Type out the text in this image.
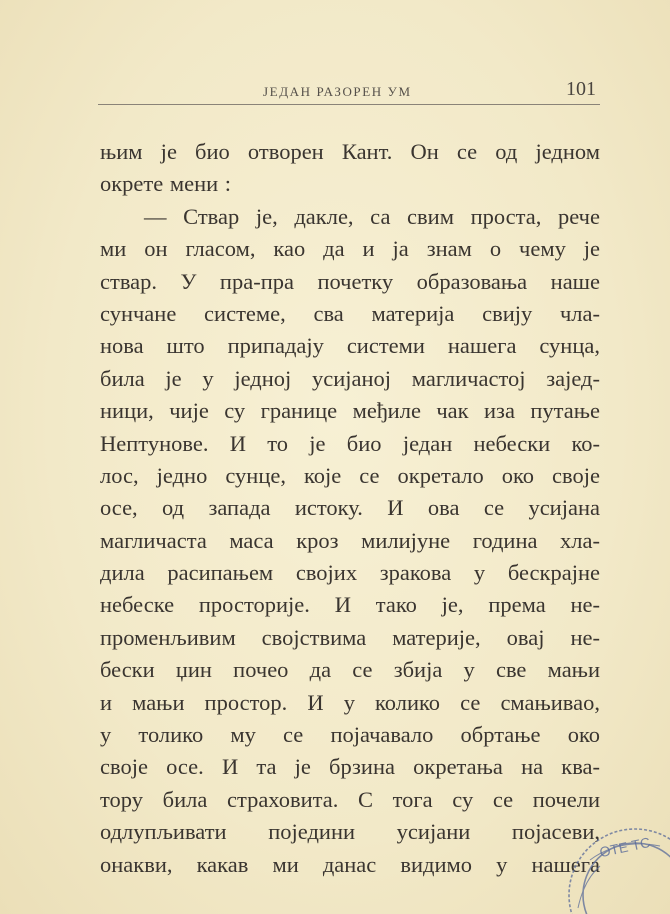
ЈЕДАН РАЗОРЕН УМ	101
њим је био отворен Кант. Он се од једном
окрете мени :
— Ствар је, дакле, са свим проста, рече
ми он гласом, као да и ја знам о чему је
ствар. У пра-пра почетку образовања наше
сунчане системе, сва материја свију чла-
нова што припадају системи нашега сунца,
била је у једној усијаној магличастој зајед-
ници, чије су границе међиле чак иза путање
Нептунове. И то је био један небески ко-
лос, једно сунце, које се окретало око своје
осе, од запада истоку. И ова се усијана
магличаста маса кроз милијуне година хла-
дила расипањем својих зракова у бескрајне
небеске просторије. И тако је, према не-
променљивим својствима материје, овај не-
бески џин почео да се збија у све мањи
и мањи простор. И у колико се смањивао,
у толико му се појачавало обртање око
своје осе. И та је брзина окретања на ква-
тору била страховита. С тога су се почели
одлупљивати поједини усијани појасеви,
онакви, какав ми данас видимо у нашега
ОТЕ ТС
